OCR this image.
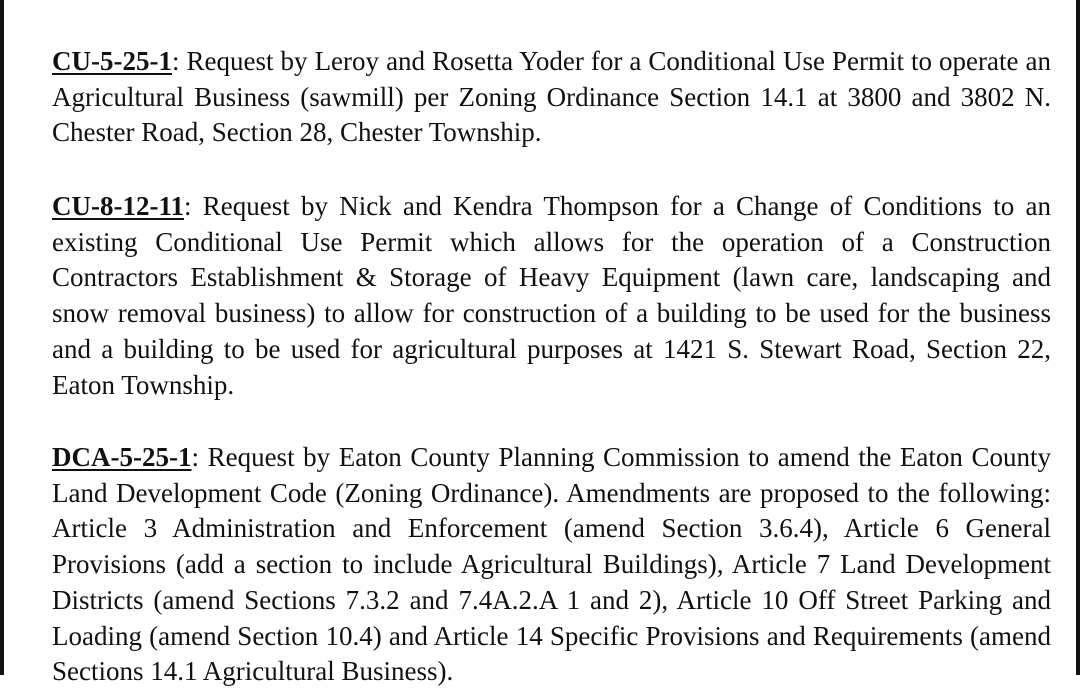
CU-5-25-1: Request by Leroy and Rosetta Yoder for a Conditional Use Permit to operate an Agricultural Business (sawmill) per Zoning Ordinance Section 14.1 at 3800 and 3802 N. Chester Road, Section 28, Chester Township.

CU-8-12-11: Request by Nick and Kendra Thompson for a Change of Conditions to an existing Conditional Use Permit which allows for the operation of a Construction Contractors Establishment & Storage of Heavy Equipment (lawn care, landscaping and snow removal business) to allow for construction of a building to be used for the business and a building to be used for agricultural purposes at 1421 S. Stewart Road, Section 22, Eaton Township.

DCA-5-25-1: Request by Eaton County Planning Commission to amend the Eaton County Land Development Code (Zoning Ordinance). Amendments are proposed to the following: Article 3 Administration and Enforcement (amend Section 3.6.4), Article 6 General Provisions (add a section to include Agricultural Buildings), Article 7 Land Development Districts (amend Sections 7.3.2 and 7.4A.2.A 1 and 2), Article 10 Off Street Parking and Loading (amend Section 10.4) and Article 14 Specific Provisions and Requirements (amend Sections 14.1 Agricultural Business).
